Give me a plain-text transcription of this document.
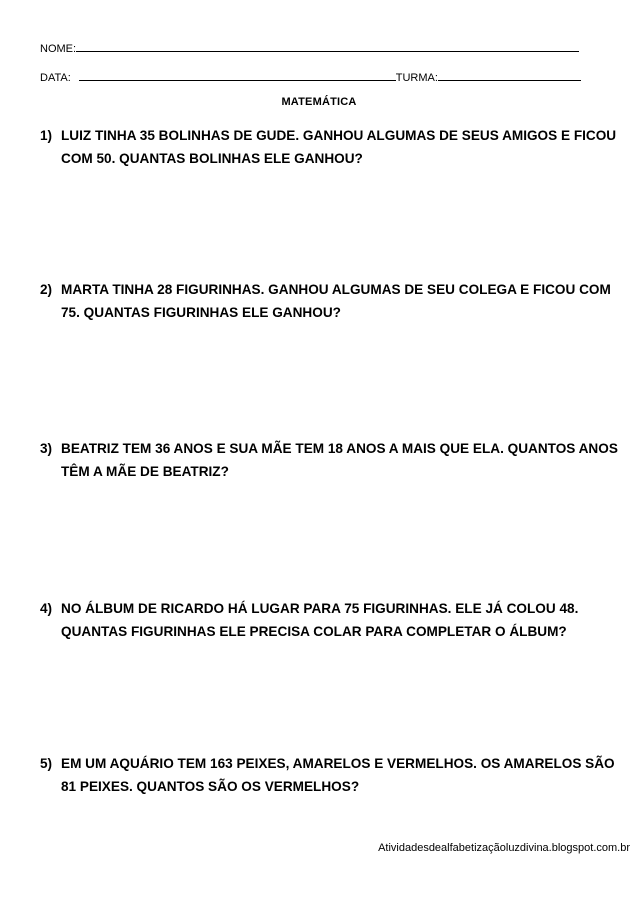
NOME:
DATA:	TURMA:
MATEMÁTICA
1) LUIZ TINHA 35 BOLINHAS DE GUDE. GANHOU ALGUMAS DE SEUS AMIGOS E FICOU COM 50. QUANTAS BOLINHAS ELE GANHOU?
2) MARTA TINHA 28 FIGURINHAS. GANHOU ALGUMAS DE SEU COLEGA E FICOU COM 75. QUANTAS FIGURINHAS ELE GANHOU?
3) BEATRIZ TEM 36 ANOS E SUA MÃE TEM 18 ANOS A MAIS QUE ELA. QUANTOS ANOS TÊM A MÃE DE BEATRIZ?
4) NO ÁLBUM DE RICARDO HÁ LUGAR PARA 75 FIGURINHAS. ELE JÁ COLOU 48. QUANTAS FIGURINHAS ELE PRECISA COLAR PARA COMPLETAR O ÁLBUM?
5) EM UM AQUÁRIO TEM 163 PEIXES, AMARELOS E VERMELHOS. OS AMARELOS SÃO 81 PEIXES. QUANTOS SÃO OS VERMELHOS?
Atividadesdealfabetizaçãoluzdivina.blogspot.com.br
